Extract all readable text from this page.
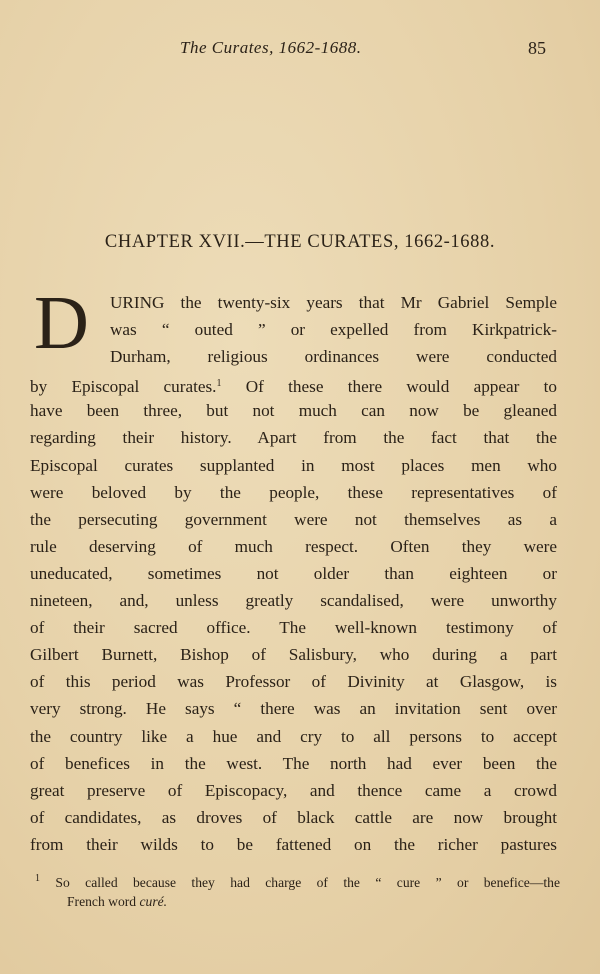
The Curates, 1662-1688.	85
CHAPTER XVII.—THE CURATES, 1662-1688.
D URING the twenty-six years that Mr Gabriel Semple
was “ outed ” or expelled from Kirkpatrick-
Durham, religious ordinances were conducted
by Episcopal curates.$^1$ Of these there would appear to
have been three, but not much can now be gleaned
regarding their history. Apart from the fact that the
Episcopal curates supplanted in most places men who
were beloved by the people, these representatives of
the persecuting government were not themselves as a
rule deserving of much respect. Often they were
uneducated, sometimes not older than eighteen or
nineteen, and, unless greatly scandalised, were unworthy
of their sacred office. The well-known testimony of
Gilbert Burnett, Bishop of Salisbury, who during a part
of this period was Professor of Divinity at Glasgow, is
very strong. He says “ there was an invitation sent over
the country like a hue and cry to all persons to accept
of benefices in the west. The north had ever been the
great preserve of Episcopacy, and thence came a crowd
of candidates, as droves of black cattle are now brought
from their wilds to be fattened on the richer pastures
$^1$ So called because they had charge of the “ cure ” or benefice—the
French word curé.
